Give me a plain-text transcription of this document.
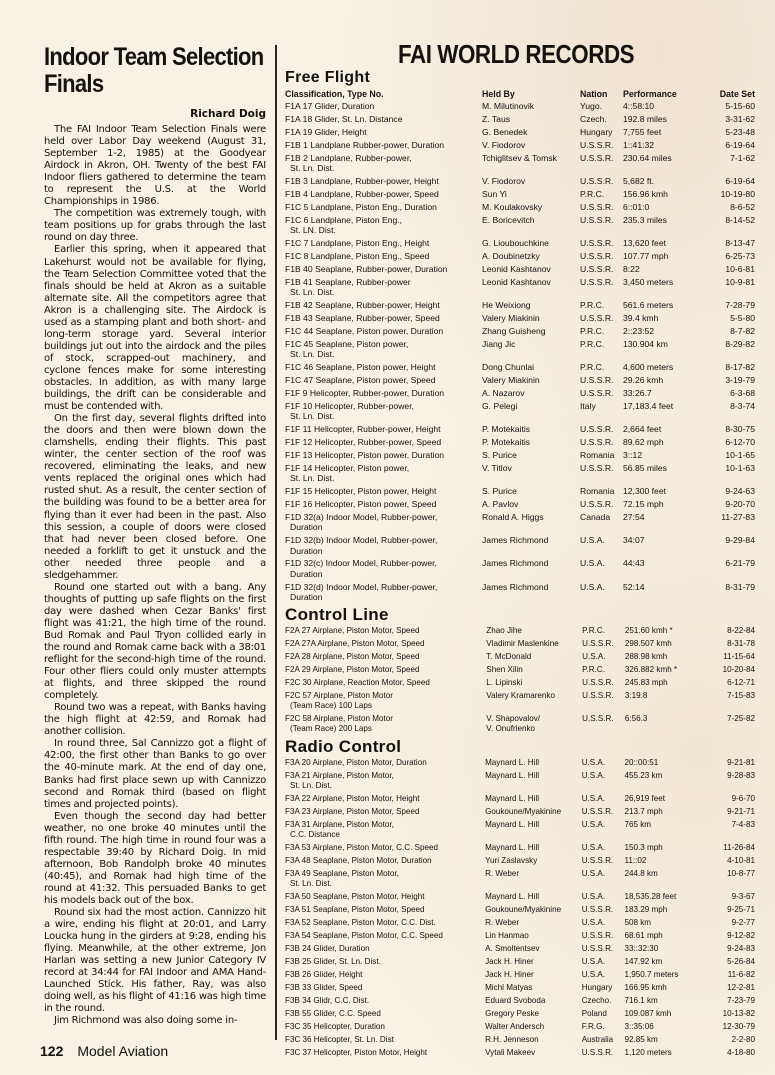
Indoor Team Selection Finals
Richard Doig

The FAI Indoor Team Selection Finals were held over Labor Day weekend (August 31, September 1-2, 1985) at the Goodyear Airdock in Akron, OH. Twenty of the best FAI Indoor fliers gathered to determine the team to represent the U.S. at the World Championships in 1986.

The competition was extremely tough, with team positions up for grabs through the last round on day three.

Earlier this spring, when it appeared that Lakehurst would not be available for flying, the Team Selection Committee voted that the finals should be held at Akron as a suitable alternate site. All the competitors agree that Akron is a challenging site. The Airdock is used as a stamping plant and both short- and long-term storage yard. Several interior buildings jut out into the airdock and the piles of stock, scrapped-out machinery, and cyclone fences make for some interesting obstacles. In addition, as with many large buildings, the drift can be considerable and must be contended with.

On the first day, several flights drifted into the doors and then were blown down the clamshells, ending their flights. This past winter, the center section of the roof was recovered, eliminating the leaks, and new vents replaced the original ones which had rusted shut. As a result, the center section of the building was found to be a better area for flying than it ever had been in the past. Also this session, a couple of doors were closed that had never been closed before. One needed a forklift to get it unstuck and the other needed three people and a sledgehammer.

Round one started out with a bang. Any thoughts of putting up safe flights on the first day were dashed when Cezar Banks' first flight was 41:21, the high time of the round. Bud Romak and Paul Tryon collided early in the round and Romak came back with a 38:01 reflight for the second-high time of the round. Four other fliers could only muster attempts at flights, and three skipped the round completely.

Round two was a repeat, with Banks having the high flight at 42:59, and Romak had another collision.

In round three, Sal Cannizzo got a flight of 42:00, the first other than Banks to go over the 40-minute mark. At the end of day one, Banks had first place sewn up with Cannizzo second and Romak third (based on flight times and projected points).

Even though the second day had better weather, no one broke 40 minutes until the fifth round. The high time in round four was a respectable 39:40 by Richard Doig. In mid afternoon, Bob Randolph broke 40 minutes (40:45), and Romak had high time of the round at 41:32. This persuaded Banks to get his models back out of the box.

Round six had the most action. Cannizzo hit a wire, ending his flight at 20:01, and Larry Loucka hung in the girders at 9:28, ending his flying. Meanwhile, at the other extreme, Jon Harlan was setting a new Junior Category IV record at 34:44 for FAI Indoor and AMA Hand-Launched Stick. His father, Ray, was also doing well, as his flight of 41:16 was high time in the round.

Jim Richmond was also doing some in-

FAI WORLD RECORDS
Free Flight
Classification, Type No.	Held By	Nation	Performance	Date Set
F1A 17 Glider, Duration	M. Milutinovik	Yugo.	4::58:10	5-15-60
F1A 18 Glider, St. Ln. Distance	Z. Taus	Czech.	192.8 miles	3-31-62
F1A 19 Glider, Height	G. Benedek	Hungary	7,755 feet	5-23-48
F1B 1 Landplane Rubber-power, Duration	V. Fiodorov	U.S.S.R.	1::41:32	6-19-64
F1B 2 Landplane, Rubber-power,
St. Ln. Dist.	Tchiglitsev & Tomsk	U.S.S.R.	230.64 miles	7-1-62
F1B 3 Landplane, Rubber-power, Height	V. Fiodorov	U.S.S.R.	5,682 ft.	6-19-64
F1B 4 Landplane, Rubber-power, Speed	Sun Yi	P.R.C.	156.96 kmh	10-19-80
F1C 5 Landplane, Piston Eng., Duration	M. Koulakovsky	U.S.S.R.	6::01:0	8-6-52
F1C 6 Landplane, Piston Eng.,
St. LN. Dist.	E. Boricevitch	U.S.S.R.	235.3 miles	8-14-52
F1C 7 Landplane, Piston Eng., Height	G. Lioubouchkine	U.S.S.R.	13,620 feet	8-13-47
F1C 8 Landplane, Piston Eng., Speed	A. Doubinetzky	U.S.S.R.	107.77 mph	6-25-73
F1B 40 Seaplane, Rubber-power, Duration	Leonid Kashtanov	U.S.S.R.	8:22	10-6-81
F1B 41 Seaplane, Rubber-power
St. Ln. Dist.	Leonid Kashtanov	U.S.S.R.	3,450 meters	10-9-81
F1B 42 Seaplane, Rubber-power, Height	He Weixiong	P.R.C.	561.6 meters	7-28-79
F1B 43 Seaplane, Rubber-power, Speed	Valery Miakinin	U.S.S.R.	39.4 kmh	5-5-80
F1C 44 Seaplane, Piston power, Duration	Zhang Guisheng	P.R.C.	2::23:52	8-7-82
F1C 45 Seaplane, Piston power,
St. Ln. Dist.	Jiang Jic	P.R.C.	130.904 km	8-29-82
F1C 46 Seaplane, Piston power, Height	Dong Chunlai	P.R.C.	4,600 meters	8-17-82
F1C 47 Seaplane, Piston power, Speed	Valery Miakinin	U.S.S.R.	29.26 kmh	3-19-79
F1F 9 Helicopter, Rubber-power, Duration	A. Nazarov	U.S.S.R.	33:26.7	6-3-68
F1F 10 Helicopter, Rubber-power,
St. Ln. Dist.	G. Pelegi	Italy	17,183.4 feet	8-3-74
F1F 11 Helicopter, Rubber-power, Height	P. Motekaitis	U.S.S.R.	2,664 feet	8-30-75
F1F 12 Helicopter, Rubber-power, Speed	P. Motekaitis	U.S.S.R.	89.62 mph	6-12-70
F1F 13 Helicopter, Piston power, Duration	S. Purice	Romania	3::12	10-1-65
F1F 14 Helicopter, Piston power,
St. Ln. Dist.	V. Titlov	U.S.S.R.	56.85 miles	10-1-63
F1F 15 Helicopter, Piston power, Height	S. Purice	Romania	12,300 feet	9-24-63
F1F 16 Helicopter, Piston power, Speed	A. Pavlov	U.S.S.R.	72.15 mph	9-20-70
F1D 32(a) Indoor Model, Rubber-power,
Duration	Ronald A. Higgs	Canada	27:54	11-27-83
F1D 32(b) Indoor Model, Rubber-power,
Duration	James Richmond	U.S.A.	34:07	9-29-84
F1D 32(c) Indoor Model, Rubber-power,
Duration	James Richmond	U.S.A.	44:43	6-21-79
F1D 32(d) Indoor Model, Rubber-power,
Duration	James Richmond	U.S.A.	52:14	8-31-79
Control Line
F2A 27 Airplane, Piston Motor, Speed	Zhao Jihe	P.R.C.	251.60 kmh *	8-22-84
F2A 27A Airplane, Piston Motor, Speed	Vladimir Maslenkine	U.S.S.R.	298.507 kmh	8-31-78
F2A 28 Airplane, Piston Motor, Speed	T. McDonald	U.S.A.	288.98 kmh	11-15-64
F2A 29 Airplane, Piston Motor, Speed	Shen Xilin	P.R.C.	326.882 kmh *	10-20-84
F2C 30 Airplane, Reaction Motor, Speed	L. Lipinski	U.S.S.R.	245.83 mph	6-12-71
F2C 57 Airplane, Piston Motor
(Team Race) 100 Laps	Valery Kramarenko	U.S.S.R.	3:19.8	7-15-83
F2C 58 Airplane, Piston Motor
(Team Race) 200 Laps	V. Shapovalov/
V. Onufrienko	U.S.S.R.	6:56.3	7-25-82
Radio Control
F3A 20 Airplane, Piston Motor, Duration	Maynard L. Hill	U.S.A.	20::00:51	9-21-81
F3A 21 Airplane, Piston Motor,
St. Ln. Dist.	Maynard L. Hill	U.S.A.	455.23 km	9-28-83
F3A 22 Airplane, Piston Motor, Height	Maynard L. Hill	U.S.A.	26,919 feet	9-6-70
F3A 23 Airplane, Piston Motor, Speed	Goukoune/Myakinine	U.S.S.R.	213.7 mph	9-21-71
F3A 31 Airplane, Piston Motor,
C.C. Distance	Maynard L. Hill	U.S.A.	765 km	7-4-83
F3A 53 Airplane, Piston Motor, C.C. Speed	Maynard L. Hill	U.S.A.	150.3 mph	11-26-84
F3A 48 Seaplane, Piston Motor, Duration	Yuri Zaslavsky	U.S.S.R.	11::02	4-10-81
F3A 49 Seaplane, Piston Motor,
St. Ln. Dist.	R. Weber	U.S.A.	244.8 km	10-8-77
F3A 50 Seaplane, Piston Motor, Height	Maynard L. Hill	U.S.A.	18,535.28 feet	9-3-67
F3A 51 Seaplane, Piston Motor, Speed	Goukoune/Myakinine	U.S.S.R.	183.29 mph	9-25-71
F3A 52 Seaplane, Piston Motor, C.C. Dist.	R. Weber	U.S.A.	508 km	9-2-77
F3A 54 Seaplane, Piston Motor, C.C. Speed	Lin Hanmao	U.S.S.R.	68.61 mph	9-12-82
F3B 24 Glider, Duration	A. Smoltentsev	U.S.S.R.	33::32:30	9-24-83
F3B 25 Glider, St. Ln. Dist.	Jack H. Hiner	U.S.A.	147.92 km	5-26-84
F3B 26 Glider, Height	Jack H. Hiner	U.S.A.	1,950.7 meters	11-6-82
F3B 33 Glider, Speed	Michl Matyas	Hungary	166.95 kmh	12-2-81
F3B 34 Glidr, C.C. Dist.	Eduard Svoboda	Czecho.	716.1 km	7-23-79
F3B 55 Glider, C.C. Speed	Gregory Peske	Poland	109.087 kmh	10-13-82
F3C 35 Helicopter, Duration	Walter Andersch	F.R.G.	3::35:06	12-30-79
F3C 36 Helicopter, St. Ln. Dist	R.H. Jenneson	Australia	92.85 km	2-2-80
F3C 37 Helicopter, Piston Motor, Height	Vytali Makeev	U.S.S.R.	1,120 meters	4-18-80
122 Model Aviation
